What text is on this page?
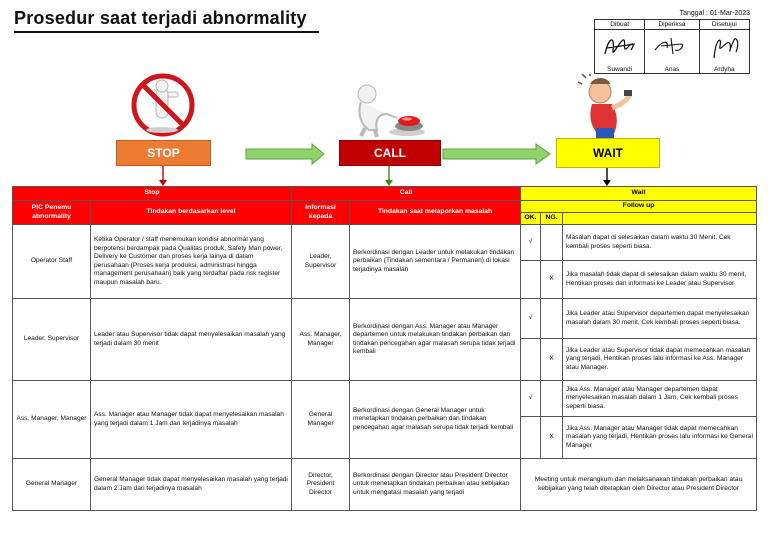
Prosedur saat terjadi abnormality	Tanggal : 01-Mar-2023
Dibuat	Diperiksa	Disetujui

Suwandi	Anas	Ardyha
STOP	CALL	WAIT
Stop		Call		Wait		
PIC Penemu abnormality	Tindakan berdasarkan level	Informasi kepada	Tindakan saat melaporkan masalah	Follow up		
				OK.	NG.	
Operator Staff	Ketika Operator / staff menemukan kondisi abnormal yang berpotensi berdampak pada Qualitas produk, Safety Man power, Delivery ke Customer dan proses kerja lainya di dalam perusahaan (Proses kerja produksi, administrasi hingga management perusahaan) baik yang terdaftar pada risk register maupun masalah baru.	Leader, Supervisor	Berkordinasi dengan Leader untuk melakukan tindakan perbaikan (Tindakan sementara / Permanen) di lokasi terjadinya masalah	√		Masalah dapat di selesaikan dalam waktu 30 Menit, Cek kembali proses seperti biasa.
					X	Jika masalah tidak dapat di selesaikan dalam waktu 30 menit, Hentikan proses dan informasi ke Leader atau Supervisor
Leader, Supervisor	Leader atau Supervisor tidak dapat menyelesaikan masalah yang terjadi dalam 30 menit	Ass. Manager, Manager	Berkordinasi dengan Ass. Manager atau Manager departemen untuk melakukan tindakan perbaikan dan tindakan pencegahan agar malasah serupa tidak terjadi kembali	√		Jika Leader atau Supervisor departemen dapat menyelesaikan masalah dalam 30 menit, Cek kembali proses seperti biasa.
					X	Jika Leader atau Supervisor tidak dapat memecahkan masalah yang terjadi, Hentikan proses lalu informasi ke Ass. Manager atau Manager.
Ass. Manager, Manager	Ass. Manager atau Manager tidak dapat menyelesaikan masalah yang terjadi dalam 1 Jam dari terjadinya masalah	General Manager	Berkordinasi dengan General Manager untuk menetapkan tindakan perbaikan dan tindakan pencegahan agar malasah serupa tidak terjadi kembali	√		Jika Ass. Manager atau Manager departemen dapat menyelesaikan masalah dalam 1 Jam, Cek kembali proses seperti biasa.
					X	Jika Ass. Manager atau Manager tidak dapat memecahkan masalah yang terjadi, Hentikan proses lalu informasi ke General Manager
General Manager	General Manager tidak dapat menyelesaikan masalah yang terjadi dalam 2 Jam dari terjadinya masalah	Director, President Director	Berkordinasi dengan Director atau President Director untuk menetapkan tindakan perbaikan atau kebijakan untuk mengatasi masalah yang terjadi	Meeting untuk merangkum dan melaksanakan tindakan perbaikan atau kebijakan yang telah ditetapkan oleh Director atau President Director		
